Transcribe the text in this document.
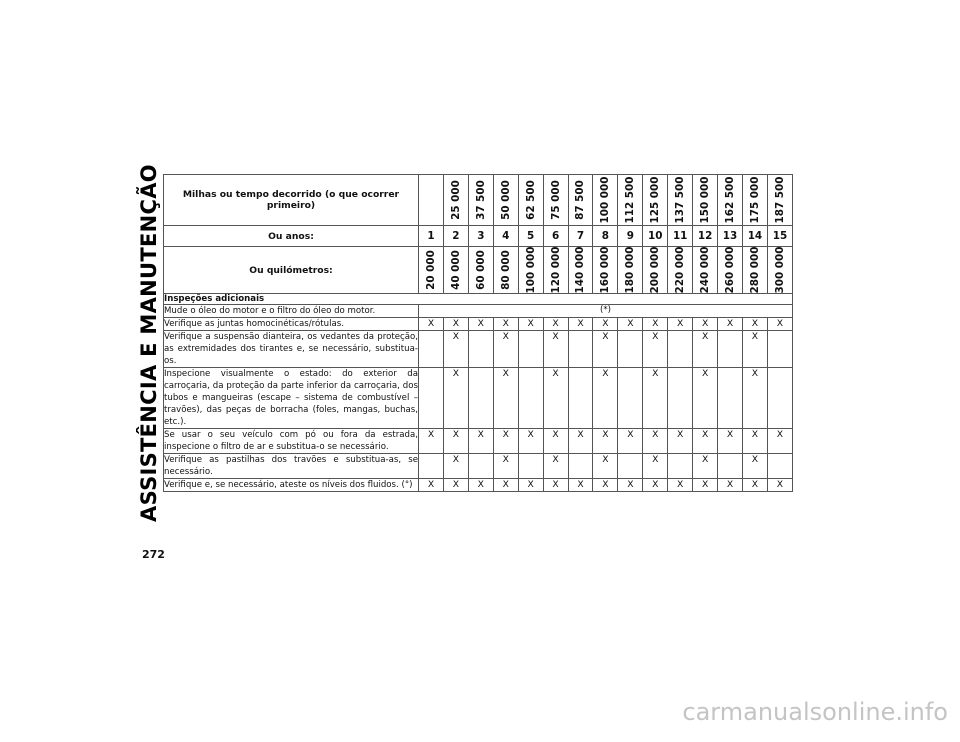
ASSISTÊNCIA E MANUTENÇÃO
272
carmanualsonline.info
Milhas ou tempo decorrido (o que ocorrer primeiro)		25 000	37 500	50 000	62 500	75 000	87 500	100 000	112 500	125 000	137 500	150 000	162 500	175 000	187 500

Ou anos:	1	2	3	4	5	6	7	8	9	10	11	12	13	14	15
Ou quilómetros:	20 000	40 000	60 000	80 000	100 000	120 000	140 000	160 000	180 000	200 000	220 000	240 000	260 000	280 000	300 000

Inspeções adicionais															
Mude o óleo do motor e o filtro do óleo do motor.	(*)														
Verifique as juntas homocinéticas/rótulas.	X	X	X	X	X	X	X	X	X	X	X	X	X	X	X
Verifique a suspensão dianteira, os vedantes da proteção, as extremidades dos tirantes e, se necessário, substitua-os.		X		X		X		X		X		X		X	
Inspecione visualmente o estado: do exterior da carroçaria, da proteção da parte inferior da carroçaria, dos tubos e mangueiras (escape – sistema de combustível – travões), das peças de borracha (foles, mangas, buchas, etc.).		X		X		X		X		X		X		X	
Se usar o seu veículo com pó ou fora da estrada, inspecione o filtro de ar e substitua-o se necessário.	X	X	X	X	X	X	X	X	X	X	X	X	X	X	X
Verifique as pastilhas dos travões e substitua-as, se necessário.		X		X		X		X		X		X		X	
Verifique e, se necessário, ateste os níveis dos fluidos. (°)	X	X	X	X	X	X	X	X	X	X	X	X	X	X	X
